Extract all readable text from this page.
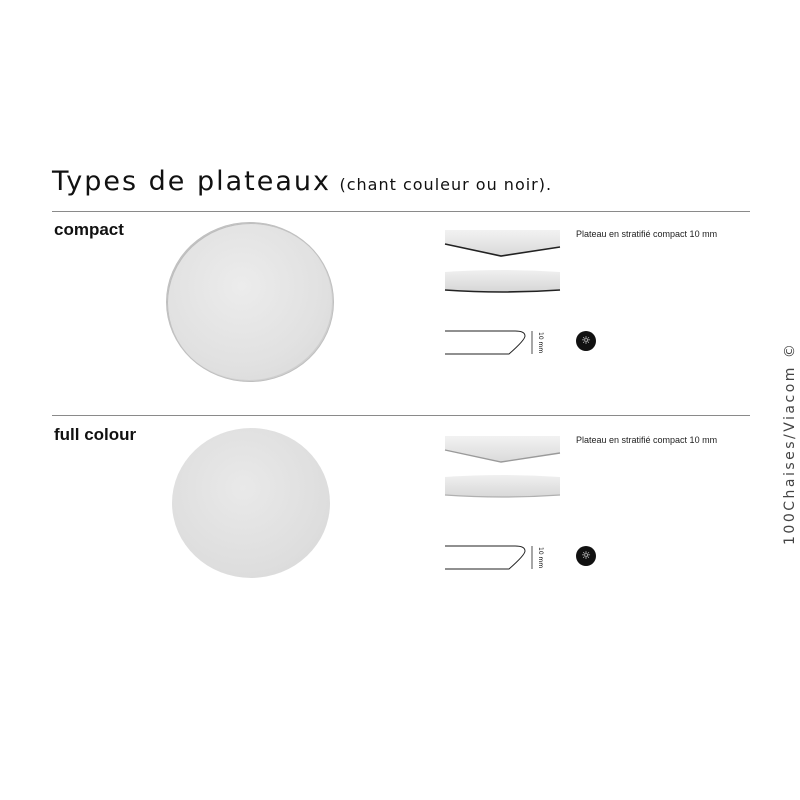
Types de plateaux (chant couleur ou noir).
compact
10 mm
Plateau en stratifié compact 10 mm
☼
full colour
10 mm
Plateau en stratifié compact 10 mm
☼
100Chaises/Viacom ©
